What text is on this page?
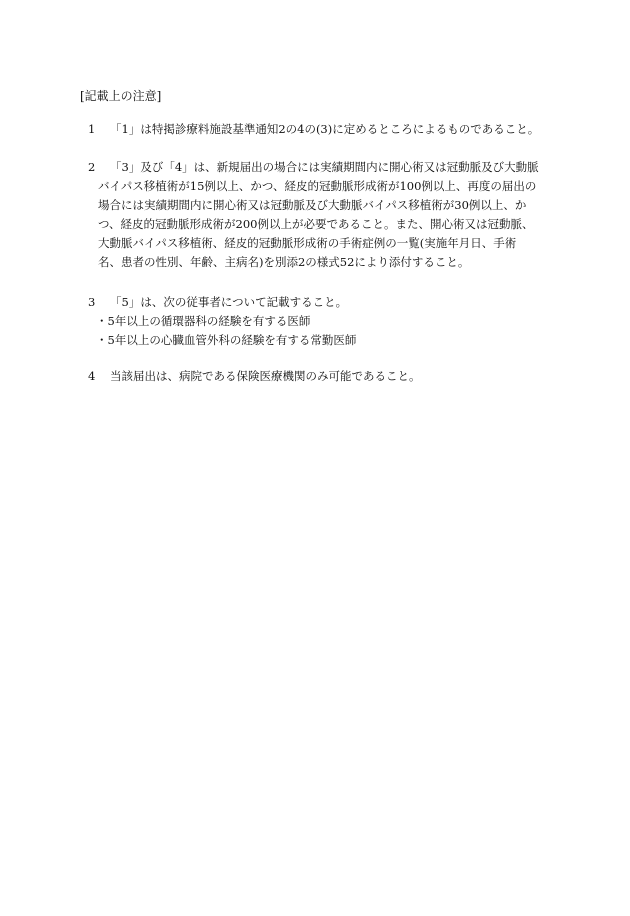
[記載上の注意]
1	「1」は特掲診療料施設基準通知2の4の(3)に定めるところによるものであること。
2	「3」及び「4」は、新規届出の場合には実績期間内に開心術又は冠動脈及び大動脈
バイパス移植術が15例以上、かつ、経皮的冠動脈形成術が100例以上、再度の届出の
場合には実績期間内に開心術又は冠動脈及び大動脈バイパス移植術が30例以上、か
つ、経皮的冠動脈形成術が200例以上が必要であること。また、開心術又は冠動脈、
大動脈バイパス移植術、経皮的冠動脈形成術の手術症例の一覧(実施年月日、手術
名、患者の性別、年齢、主病名)を別添2の様式52により添付すること。
3	「5」は、次の従事者について記載すること。
・5年以上の循環器科の経験を有する医師
・5年以上の心臓血管外科の経験を有する常勤医師
4	当該届出は、病院である保険医療機関のみ可能であること。
